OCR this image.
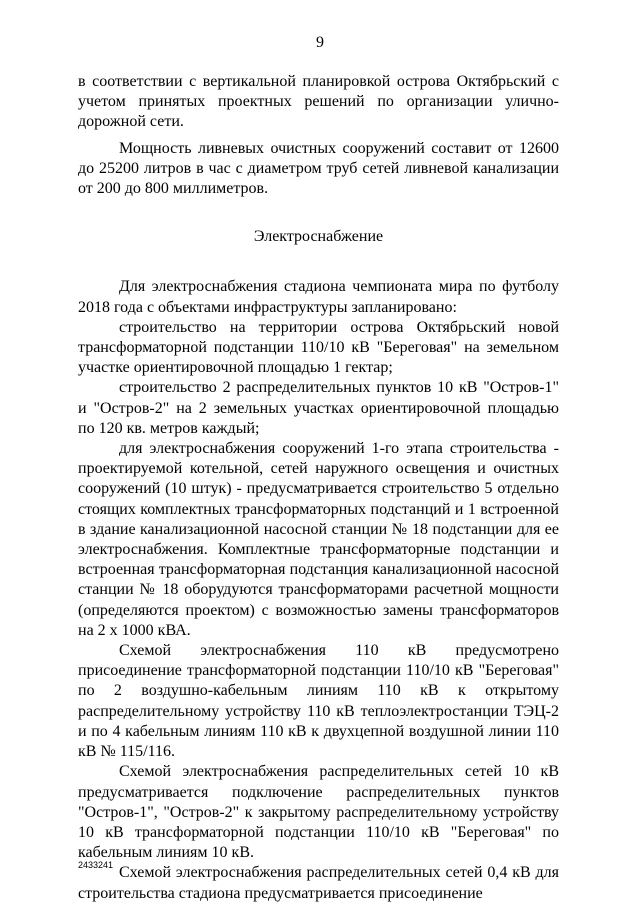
9

в соответствии с вертикальной планировкой острова Октябрьский с учетом принятых проектных решений по организации улично-дорожной сети.

Мощность ливневых очистных сооружений составит от 12600 до 25200 литров в час с диаметром труб сетей ливневой канализации от 200 до 800 миллиметров.

Электроснабжение

Для электроснабжения стадиона чемпионата мира по футболу 2018 года с объектами инфраструктуры запланировано:

строительство на территории острова Октябрьский новой трансформаторной подстанции 110/10 кВ "Береговая" на земельном участке ориентировочной площадью 1 гектар;

строительство 2 распределительных пунктов 10 кВ "Остров-1" и "Остров-2" на 2 земельных участках ориентировочной площадью по 120 кв. метров каждый;

для электроснабжения сооружений 1-го этапа строительства - проектируемой котельной, сетей наружного освещения и очистных сооружений (10 штук) - предусматривается строительство 5 отдельно стоящих комплектных трансформаторных подстанций и 1 встроенной в здание канализационной насосной станции № 18 подстанции для ее электроснабжения. Комплектные трансформаторные подстанции и встроенная трансформаторная подстанция канализационной насосной станции № 18 оборудуются трансформаторами расчетной мощности (определяются проектом) с возможностью замены трансформаторов на 2 х 1000 кВА.

Схемой электроснабжения 110 кВ предусмотрено присоединение трансформаторной подстанции 110/10 кВ "Береговая" по 2 воздушно-кабельным линиям 110 кВ к открытому распределительному устройству 110 кВ теплоэлектростанции ТЭЦ-2 и по 4 кабельным линиям 110 кВ к двухцепной воздушной линии 110 кВ № 115/116.

Схемой электроснабжения распределительных сетей 10 кВ предусматривается подключение распределительных пунктов "Остров-1", "Остров-2" к закрытому распределительному устройству 10 кВ трансформаторной подстанции 110/10 кВ "Береговая" по кабельным линиям 10 кВ.

Схемой электроснабжения распределительных сетей 0,4 кВ для строительства стадиона предусматривается присоединение

2433241
